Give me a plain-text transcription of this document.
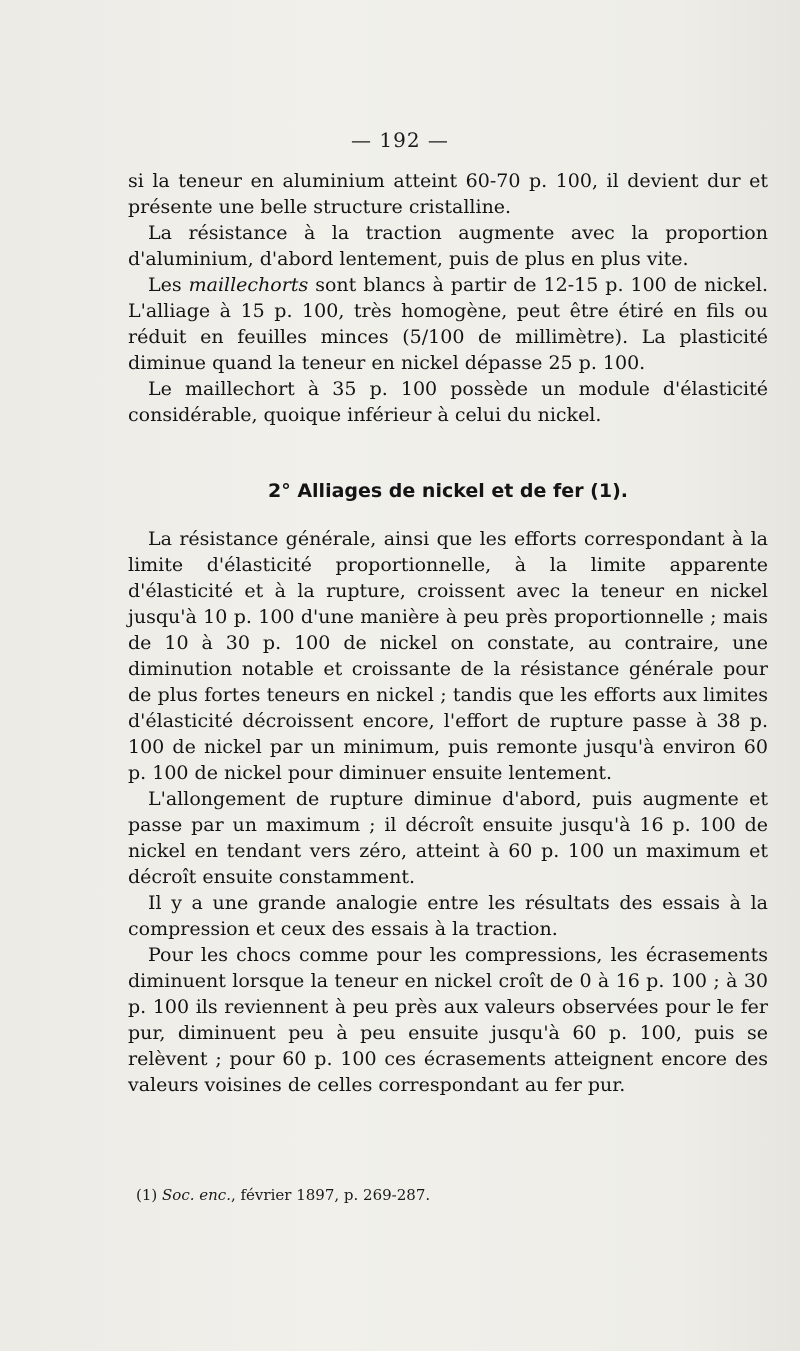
— 192 —

si la teneur en aluminium atteint 60-70 p. 100, il devient dur et présente une belle structure cristalline.

La résistance à la traction augmente avec la proportion d'aluminium, d'abord lentement, puis de plus en plus vite.

Les maillechorts sont blancs à partir de 12-15 p. 100 de nickel. L'alliage à 15 p. 100, très homogène, peut être étiré en fils ou réduit en feuilles minces (5/100 de millimètre). La plasticité diminue quand la teneur en nickel dépasse 25 p. 100.

Le maillechort à 35 p. 100 possède un module d'élasticité considérable, quoique inférieur à celui du nickel.

2° Alliages de nickel et de fer (1).

La résistance générale, ainsi que les efforts correspondant à la limite d'élasticité proportionnelle, à la limite apparente d'élasticité et à la rupture, croissent avec la teneur en nickel jusqu'à 10 p. 100 d'une manière à peu près proportionnelle ; mais de 10 à 30 p. 100 de nickel on constate, au contraire, une diminution notable et croissante de la résistance générale pour de plus fortes teneurs en nickel ; tandis que les efforts aux limites d'élasticité décroissent encore, l'effort de rupture passe à 38 p. 100 de nickel par un minimum, puis remonte jusqu'à environ 60 p. 100 de nickel pour diminuer ensuite lentement.

L'allongement de rupture diminue d'abord, puis augmente et passe par un maximum ; il décroît ensuite jusqu'à 16 p. 100 de nickel en tendant vers zéro, atteint à 60 p. 100 un maximum et décroît ensuite constamment.

Il y a une grande analogie entre les résultats des essais à la compression et ceux des essais à la traction.

Pour les chocs comme pour les compressions, les écrasements diminuent lorsque la teneur en nickel croît de 0 à 16 p. 100 ; à 30 p. 100 ils reviennent à peu près aux valeurs observées pour le fer pur, diminuent peu à peu ensuite jusqu'à 60 p. 100, puis se relèvent ; pour 60 p. 100 ces écrasements atteignent encore des valeurs voisines de celles correspondant au fer pur.

(1) Soc. enc., février 1897, p. 269-287.
